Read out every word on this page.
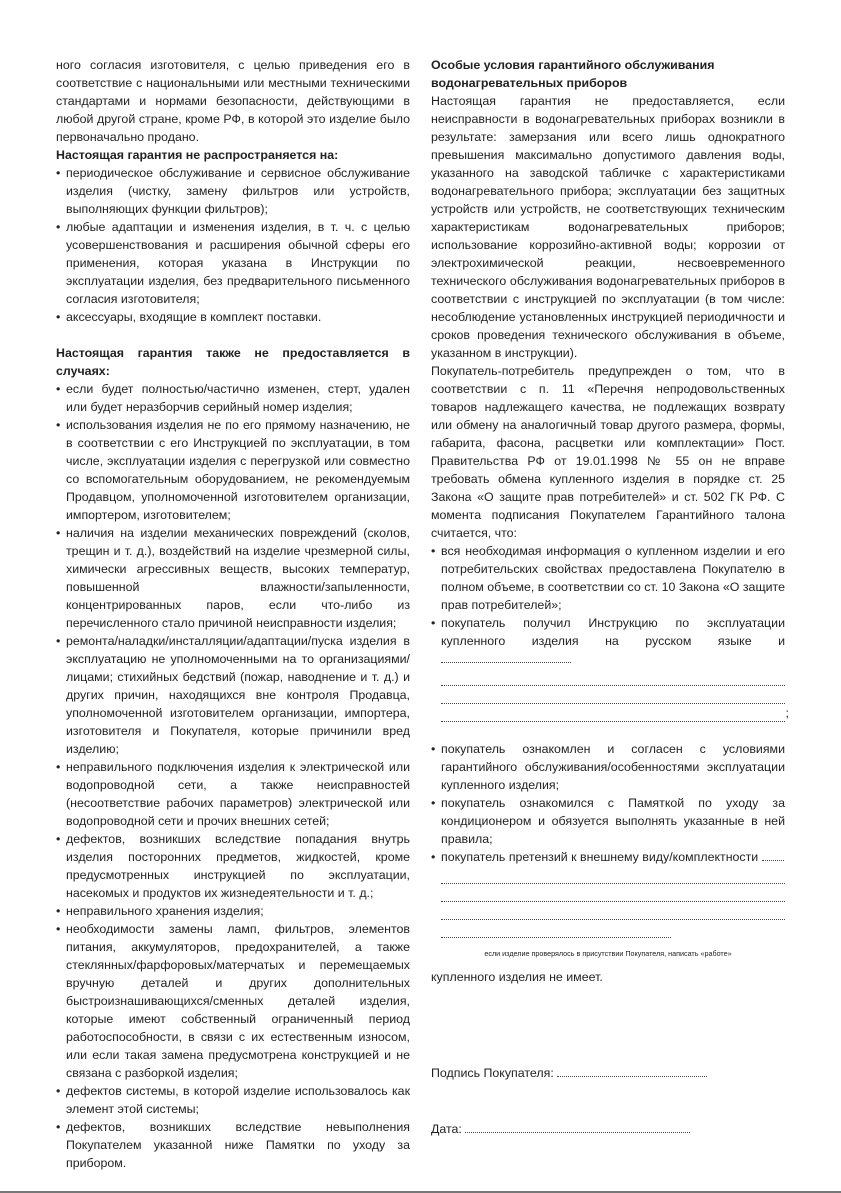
ного согласия изготовителя, с целью приведения его в соответствие с национальными или местными техническими стандартами и нормами безопасности, действующими в любой другой стране, кроме РФ, в которой это изделие было первоначально продано.

Настоящая гарантия не распространяется на:
• периодическое обслуживание и сервисное обслуживание изделия (чистку, замену фильтров или устройств, выполняющих функции фильтров);
• любые адаптации и изменения изделия, в т. ч. с целью усовершенствования и расширения обычной сферы его применения, которая указана в Инструкции по эксплуатации изделия, без предварительного письменного согласия изготовителя;
• аксессуары, входящие в комплект поставки.

Настоящая гарантия также не предоставляется в случаях:

• если будет полностью/частично изменен, стерт, удален или будет неразборчив серийный номер изделия;
• использования изделия не по его прямому назначению, не в соответствии с его Инструкцией по эксплуатации, в том числе, эксплуатации изделия с перегрузкой или совместно со вспомогательным оборудованием, не рекомендуемым Продавцом, уполномоченной изготовителем организации, импортером, изготовителем;
• наличия на изделии механических повреждений (сколов, трещин и т. д.), воздействий на изделие чрезмерной силы, химически агрессивных веществ, высоких температур, повышенной влажности/запыленности, концентрированных паров, если что-либо из перечисленного стало причиной неисправности изделия;
• ремонта/наладки/инсталляции/адаптации/пуска изделия в эксплуатацию не уполномоченными на то организациями/лицами; стихийных бедствий (пожар, наводнение и т. д.) и других причин, находящихся вне контроля Продавца, уполномоченной изготовителем организации, импортера, изготовителя и Покупателя, которые причинили вред изделию;
• неправильного подключения изделия к электрической или водопроводной сети, а также неисправностей (несоответствие рабочих параметров) электрической или водопроводной сети и прочих внешних сетей;
• дефектов, возникших вследствие попадания внутрь изделия посторонних предметов, жидкостей, кроме предусмотренных инструкцией по эксплуатации, насекомых и продуктов их жизнедеятельности и т. д.;
• неправильного хранения изделия;
• необходимости замены ламп, фильтров, элементов питания, аккумуляторов, предохранителей, а также стеклянных/фарфоровых/матерчатых и перемещаемых вручную деталей и других дополнительных быстроизнашивающихся/сменных деталей изделия, которые имеют собственный ограниченный период работоспособности, в связи с их естественным износом, или если такая замена предусмотрена конструкцией и не связана с разборкой изделия;
• дефектов системы, в которой изделие использовалось как элемент этой системы;
• дефектов, возникших вследствие невыполнения Покупателем указанной ниже Памятки по уходу за прибором.
Особые условия гарантийного обслуживания водонагревательных приборов

Настоящая гарантия не предоставляется, если неисправности в водонагревательных приборах возникли в результате: замерзания или всего лишь однократного превышения максимально допустимого давления воды, указанного на заводской табличке с характеристиками водонагревательного прибора; эксплуатации без защитных устройств или устройств, не соответствующих техническим характеристикам водонагревательных приборов; использование коррозийно-активной воды; коррозии от электрохимической реакции, несвоевременного технического обслуживания водонагревательных приборов в соответствии с инструкцией по эксплуатации (в том числе: несоблюдение установленных инструкцией периодичности и сроков проведения технического обслуживания в объеме, указанном в инструкции).

Покупатель-потребитель предупрежден о том, что в соответствии с п. 11 «Перечня непродовольственных товаров надлежащего качества, не подлежащих возврату или обмену на аналогичный товар другого размера, формы, габарита, фасона, расцветки или комплектации» Пост. Правительства РФ от 19.01.1998 № 55 он не вправе требовать обмена купленного изделия в порядке ст. 25 Закона «О защите прав потребителей» и ст. 502 ГК РФ. С момента подписания Покупателем Гарантийного талона считается, что:

• вся необходимая информация о купленном изделии и его потребительских свойствах предоставлена Покупателю в полном объеме, в соответствии со ст. 10 Закона «О защите прав потребителей»;
• покупатель получил Инструкцию по эксплуатации купленного изделия на русском языке и
;
• покупатель ознакомлен и согласен с условиями гарантийного обслуживания/особенностями эксплуатации купленного изделия;
• покупатель ознакомился с Памяткой по уходу за кондиционером и обязуется выполнять указанные в ней правила;
• покупатель претензий к внешнему виду/комплектности
если изделие проверялось в присутствии Покупателя, написать «работе»

купленного изделия не имеет.

Подпись Покупателя:
Дата:
